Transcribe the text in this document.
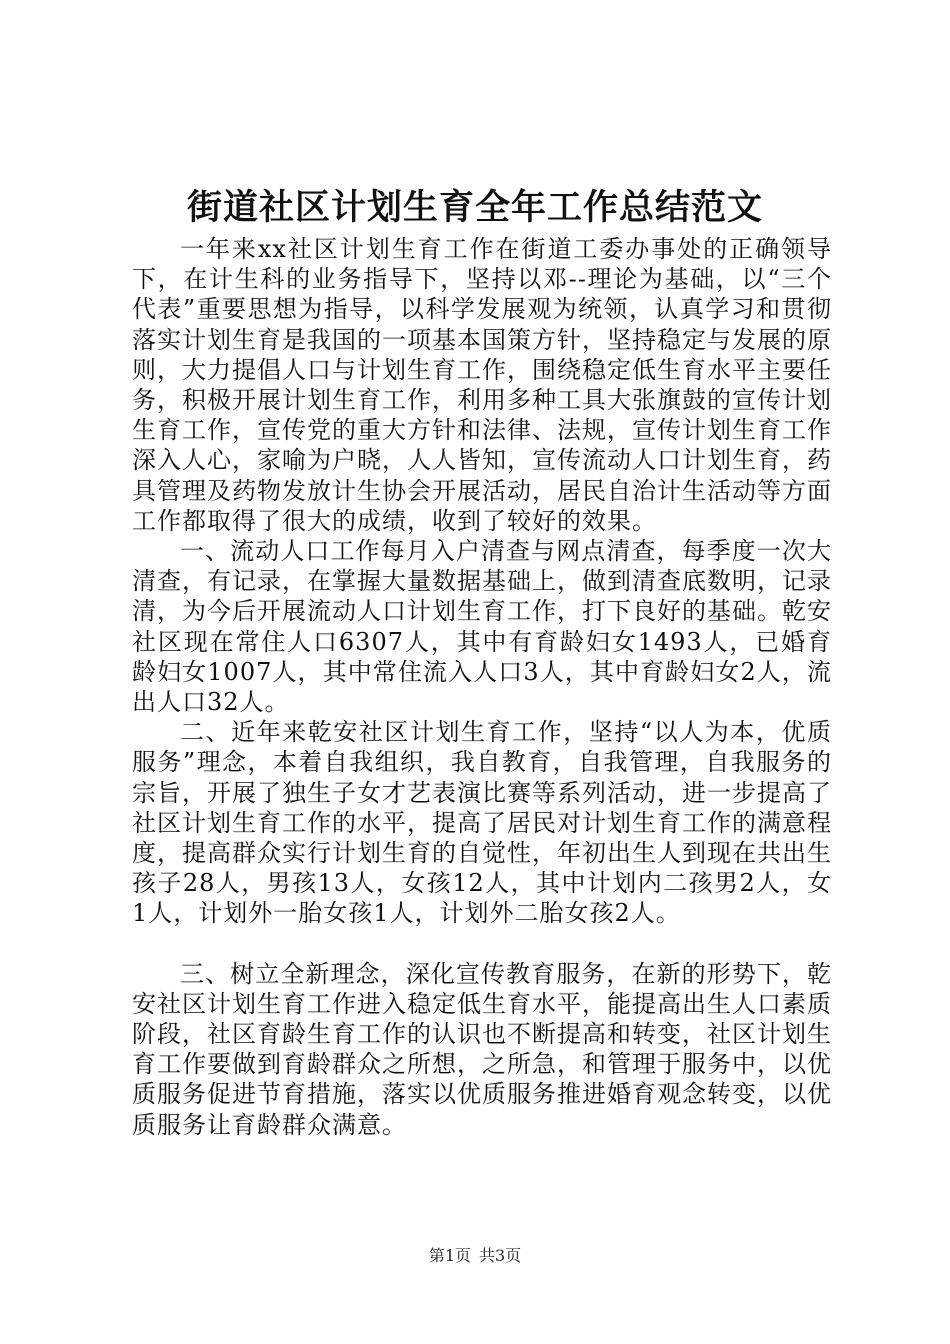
街道社区计划生育全年工作总结范文

一年来xx社区计划生育工作在街道工委办事处的正确领导下，在计生科的业务指导下，坚持以邓--理论为基础，以“三个代表”重要思想为指导，以科学发展观为统领，认真学习和贯彻落实计划生育是我国的一项基本国策方针，坚持稳定与发展的原则，大力提倡人口与计划生育工作，围绕稳定低生育水平主要任务，积极开展计划生育工作，利用多种工具大张旗鼓的宣传计划生育工作，宣传党的重大方针和法律、法规，宣传计划生育工作深入人心，家喻为户晓，人人皆知，宣传流动人口计划生育，药具管理及药物发放计生协会开展活动，居民自治计生活动等方面工作都取得了很大的成绩，收到了较好的效果。

一、流动人口工作每月入户清查与网点清查，每季度一次大清查，有记录，在掌握大量数据基础上，做到清查底数明，记录清，为今后开展流动人口计划生育工作，打下良好的基础。乾安社区现在常住人口6307人，其中有育龄妇女1493人，已婚育龄妇女1007人，其中常住流入人口3人，其中育龄妇女2人，流出人口32人。

二、近年来乾安社区计划生育工作，坚持“以人为本，优质服务”理念，本着自我组织，我自教育，自我管理，自我服务的宗旨，开展了独生子女才艺表演比赛等系列活动，进一步提高了社区计划生育工作的水平，提高了居民对计划生育工作的满意程度，提高群众实行计划生育的自觉性，年初出生人到现在共出生孩子28人，男孩13人，女孩12人，其中计划内二孩男2人，女1人，计划外一胎女孩1人，计划外二胎女孩2人。

三、树立全新理念，深化宣传教育服务，在新的形势下，乾安社区计划生育工作进入稳定低生育水平，能提高出生人口素质阶段，社区育龄生育工作的认识也不断提高和转变，社区计划生育工作要做到育龄群众之所想，之所急，和管理于服务中，以优质服务促进节育措施，落实以优质服务推进婚育观念转变，以优质服务让育龄群众满意。

第1页 共3页
